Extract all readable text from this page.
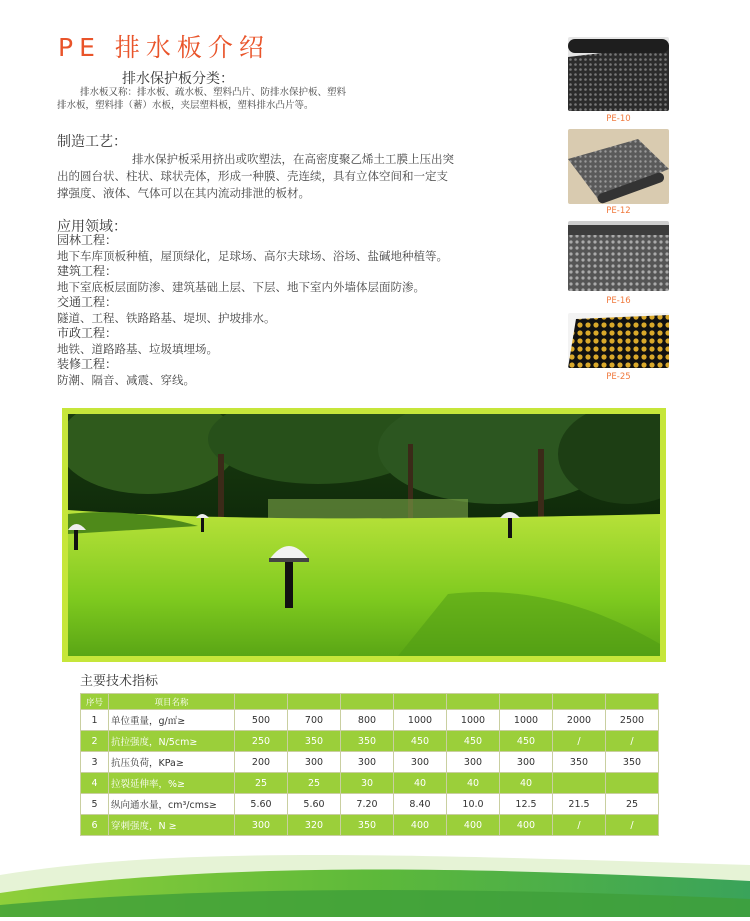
PE 排水板介绍
排水保护板分类：
排水板又称：排水板、疏水板、塑料凸片、防排水保护板、塑料
排水板，塑料排（蓄）水板，夹层塑料板，塑料排水凸片等。
制造工艺：
排水保护板采用挤出或吹塑法，在高密度聚乙烯土工膜上压出突
出的圆台状、柱状、球状壳体，形成一种膜、壳连续，具有立体空间和一定支
撑强度、液体、气体可以在其内流动排泄的板材。
应用领域：
园林工程：
地下车库顶板种植，屋顶绿化，足球场、高尔夫球场、浴场、盐碱地种植等。
建筑工程：
地下室底板层面防渗、建筑基础上层、下层、地下室内外墙体层面防渗。
交通工程：
隧道、工程、铁路路基、堤坝、护坡排水。
市政工程：
地铁、道路路基、垃圾填埋场。
装修工程：
防潮、隔音、减震、穿线。
PE-10
PE-12
PE-16
PE-25
主要技术指标
序号	项目名称								
1	单位重量，g/㎡≥	500	700	800	1000	1000	1000	2000	2500
2	抗拉强度，N/5cm≥	250	350	350	450	450	450	/	/
3	抗压负荷，KPa≥	200	300	300	300	300	300	350	350
4	拉裂延伸率，%≥	25	25	30	40	40	40		
5	纵向通水量，cm³/cms≥	5.60	5.60	7.20	8.40	10.0	12.5	21.5	25
6	穿刺强度，N ≥	300	320	350	400	400	400	/	/
